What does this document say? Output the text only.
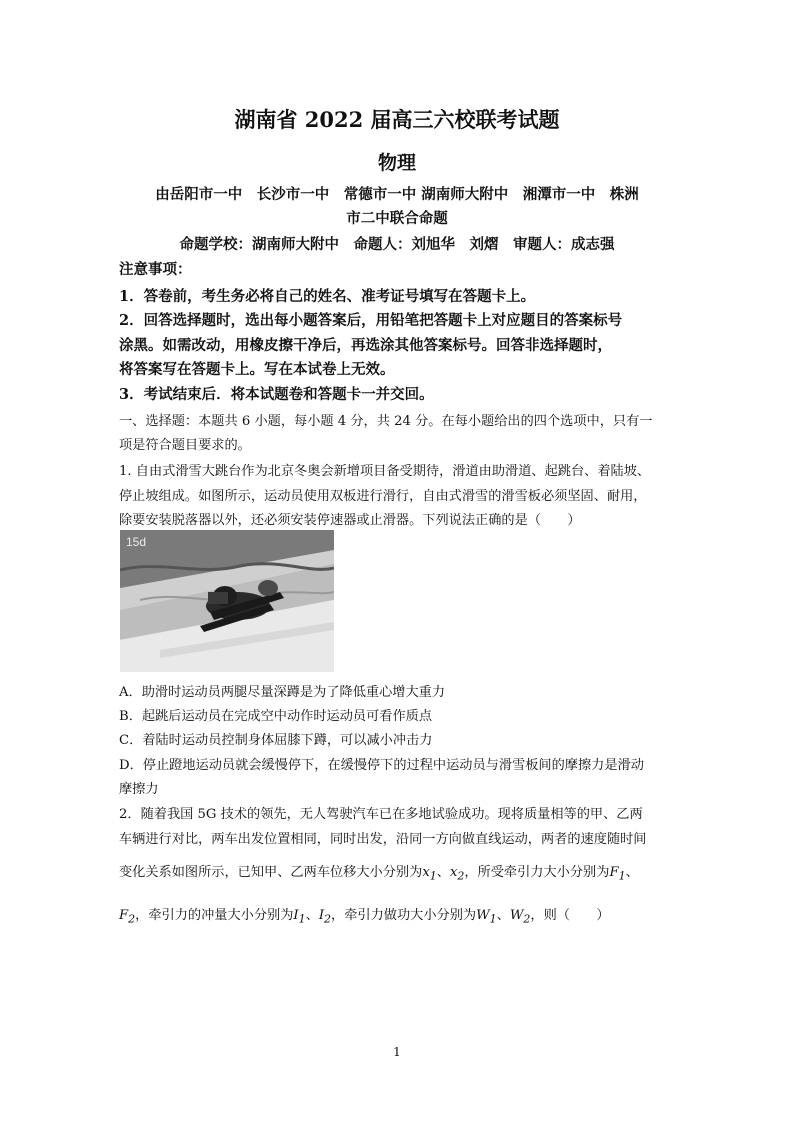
湖南省 2022 届高三六校联考试题
物理
由岳阳市一中　长沙市一中　常德市一中 湖南师大附中　湘潭市一中　株洲
市二中联合命题
命题学校：湖南师大附中　命题人：刘旭华　刘熠　审题人：成志强
注意事项：
1．答卷前，考生务必将自己的姓名、准考证号填写在答题卡上。
2．回答选择题时，选出每小题答案后，用铅笔把答题卡上对应题目的答案标号
涂黑。如需改动，用橡皮擦干净后，再选涂其他答案标号。回答非选择题时，
将答案写在答题卡上。写在本试卷上无效。
3．考试结束后．将本试题卷和答题卡一并交回。
一、选择题：本题共 6 小题，每小题 4 分，共 24 分。在每小题给出的四个选项中，只有一
项是符合题目要求的。
1. 自由式滑雪大跳台作为北京冬奥会新增项目备受期待，滑道由助滑道、起跳台、着陆坡、
停止坡组成。如图所示，运动员使用双板进行滑行，自由式滑雪的滑雪板必须坚固、耐用，
除要安装脱落器以外，还必须安装停速器或止滑器。下列说法正确的是（　　）
15d
A．助滑时运动员两腿尽量深蹲是为了降低重心增大重力
B．起跳后运动员在完成空中动作时运动员可看作质点
C．着陆时运动员控制身体屈膝下蹲，可以减小冲击力
D．停止蹬地运动员就会缓慢停下，在缓慢停下的过程中运动员与滑雪板间的摩擦力是滑动
摩擦力
2．随着我国 5G 技术的领先，无人驾驶汽车已在多地试验成功。现将质量相等的甲、乙两
车辆进行对比，两车出发位置相同，同时出发，沿同一方向做直线运动，两者的速度随时间
变化关系如图所示，已知甲、乙两车位移大小分别为$x_1$、$x_2$，所受牵引力大小分别为$F_1$、
$F_2$，牵引力的冲量大小分别为$I_1$、$I_2$，牵引力做功大小分别为$W_1$、$W_2$，则（　　）
1
